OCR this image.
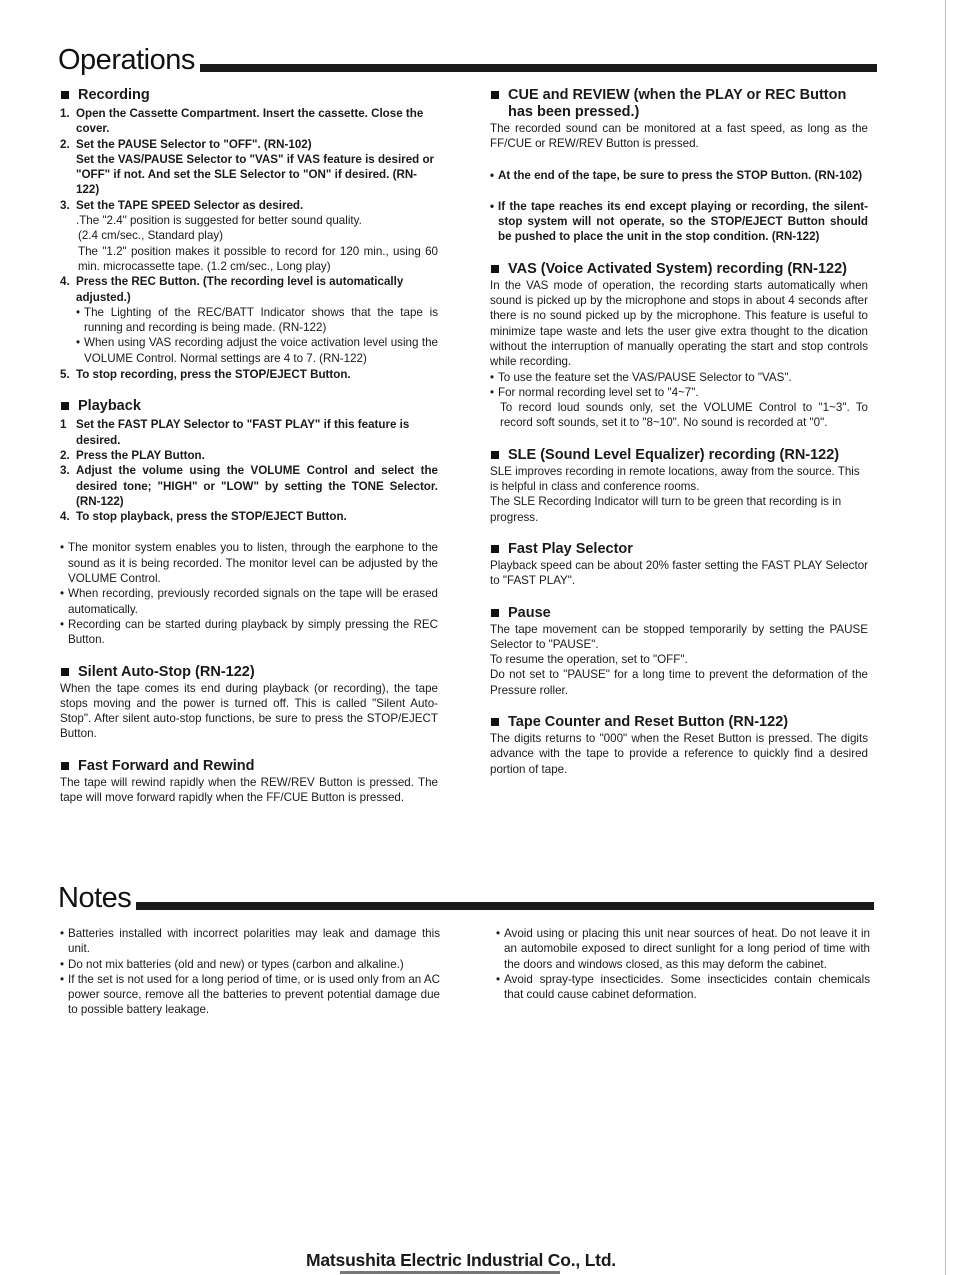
Operations
Recording
1. Open the Cassette Compartment. Insert the cassette. Close the cover.
2. Set the PAUSE Selector to "OFF". (RN-102)
Set the VAS/PAUSE Selector to "VAS" if VAS feature is desired or "OFF" if not. And set the SLE Selector to "ON" if desired. (RN-122)
3. Set the TAPE SPEED Selector as desired.
.The "2.4" position is suggested for better sound quality.
(2.4 cm/sec., Standard play)
The "1.2" position makes it possible to record for 120 min., using 60 min. microcassette tape. (1.2 cm/sec., Long play)
4. Press the REC Button. (The recording level is automatically adjusted.)
• The Lighting of the REC/BATT Indicator shows that the tape is running and recording is being made. (RN-122)
• When using VAS recording adjust the voice activation level using the VOLUME Control. Normal settings are 4 to 7. (RN-122)
5. To stop recording, press the STOP/EJECT Button.
Playback
1 Set the FAST PLAY Selector to "FAST PLAY" if this feature is desired.
2. Press the PLAY Button.
3. Adjust the volume using the VOLUME Control and select the desired tone; "HIGH" or "LOW" by setting the TONE Selector. (RN-122)
4. To stop playback, press the STOP/EJECT Button.
• The monitor system enables you to listen, through the earphone to the sound as it is being recorded. The monitor level can be adjusted by the VOLUME Control.
• When recording, previously recorded signals on the tape will be erased automatically.
• Recording can be started during playback by simply pressing the REC Button.
Silent Auto-Stop (RN-122)

When the tape comes its end during playback (or recording), the tape stops moving and the power is turned off. This is called "Silent Auto-Stop". After silent auto-stop functions, be sure to press the STOP/EJECT Button.

Fast Forward and Rewind

The tape will rewind rapidly when the REW/REV Button is pressed. The tape will move forward rapidly when the FF/CUE Button is pressed.

CUE and REVIEW (when the PLAY or REC Button has been pressed.)

The recorded sound can be monitored at a fast speed, as long as the FF/CUE or REW/REV Button is pressed.

• At the end of the tape, be sure to press the STOP Button. (RN-102)
• If the tape reaches its end except playing or recording, the silent-stop system will not operate, so the STOP/EJECT Button should be pushed to place the unit in the stop condition. (RN-122)
VAS (Voice Activated System) recording (RN-122)

In the VAS mode of operation, the recording starts automatically when sound is picked up by the microphone and stops in about 4 seconds after there is no sound picked up by the microphone. This feature is useful to minimize tape waste and lets the user give extra thought to the dication without the interruption of manually operating the start and stop controls while recording.

• To use the feature set the VAS/PAUSE Selector to "VAS".
• For normal recording level set to "4~7".

To record loud sounds only, set the VOLUME Control to "1~3". To record soft sounds, set it to "8~10". No sound is recorded at "0".

SLE (Sound Level Equalizer) recording (RN-122)

SLE improves recording in remote locations, away from the source. This is helpful in class and conference rooms.

The SLE Recording Indicator will turn to be green that recording is in progress.

Fast Play Selector

Playback speed can be about 20% faster setting the FAST PLAY Selector to "FAST PLAY".

Pause

The tape movement can be stopped temporarily by setting the PAUSE Selector to "PAUSE".

To resume the operation, set to "OFF".

Do not set to "PAUSE" for a long time to prevent the deformation of the Pressure roller.

Tape Counter and Reset Button (RN-122)

The digits returns to "000" when the Reset Button is pressed. The digits advance with the tape to provide a reference to quickly find a desired portion of tape.

Notes
• Batteries installed with incorrect polarities may leak and damage this unit.
• Do not mix batteries (old and new) or types (carbon and alkaline.)
• If the set is not used for a long period of time, or is used only from an AC power source, remove all the batteries to prevent potential damage due to possible battery leakage.
• Avoid using or placing this unit near sources of heat. Do not leave it in an automobile exposed to direct sunlight for a long period of time with the doors and windows closed, as this may deform the cabinet.
• Avoid spray-type insecticides. Some insecticides contain chemicals that could cause cabinet deformation.
Matsushita Electric Industrial Co., Ltd.
